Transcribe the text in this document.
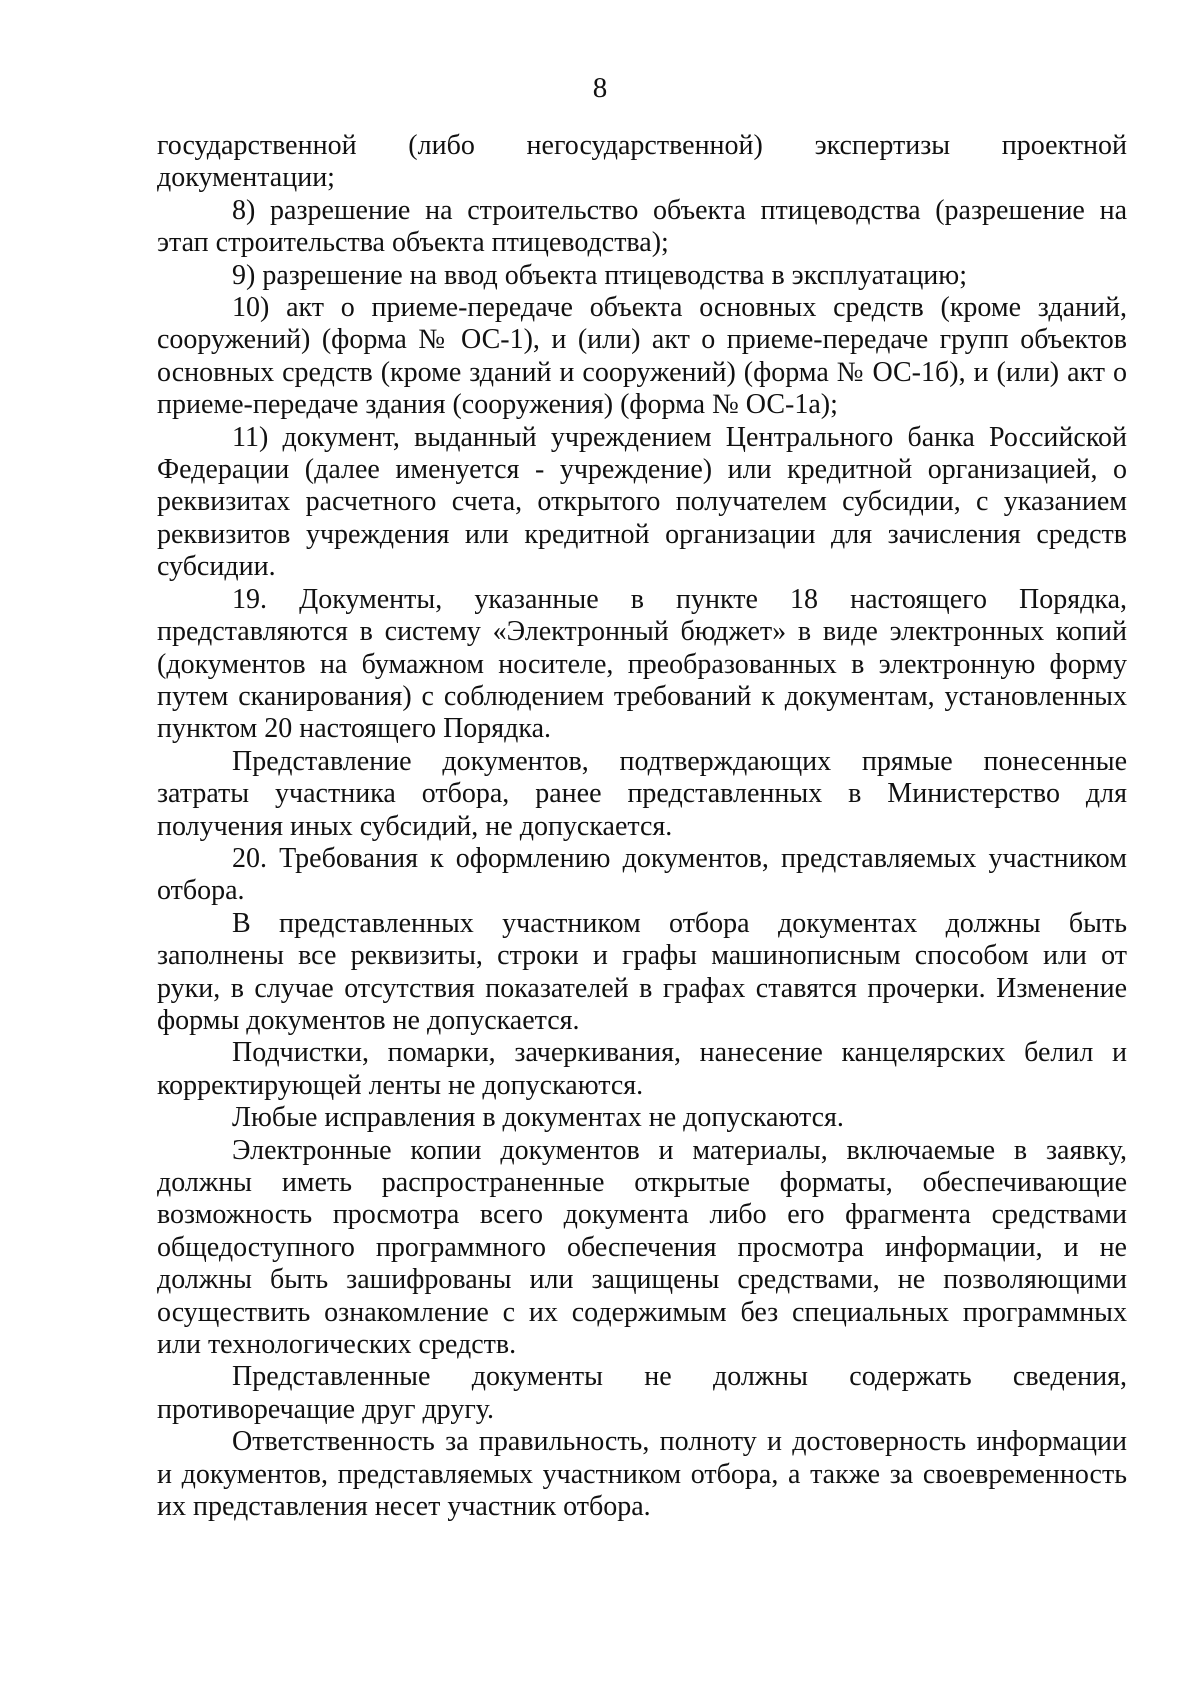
8

государственной (либо негосударственной) экспертизы проектной документации;

8) разрешение на строительство объекта птицеводства (разрешение на этап строительства объекта птицеводства);

9) разрешение на ввод объекта птицеводства в эксплуатацию;

10) акт о приеме-передаче объекта основных средств (кроме зданий, сооружений) (форма № ОС-1), и (или) акт о приеме-передаче групп объектов основных средств (кроме зданий и сооружений) (форма № ОС-1б), и (или) акт о приеме-передаче здания (сооружения) (форма № ОС-1а);

11) документ, выданный учреждением Центрального банка Российской Федерации (далее именуется - учреждение) или кредитной организацией, о реквизитах расчетного счета, открытого получателем субсидии, с указанием реквизитов учреждения или кредитной организации для зачисления средств субсидии.

19. Документы, указанные в пункте 18 настоящего Порядка, представляются в систему «Электронный бюджет» в виде электронных копий (документов на бумажном носителе, преобразованных в электронную форму путем сканирования) с соблюдением требований к документам, установленных пунктом 20 настоящего Порядка.

Представление документов, подтверждающих прямые понесенные затраты участника отбора, ранее представленных в Министерство для получения иных субсидий, не допускается.

20. Требования к оформлению документов, представляемых участником отбора.

В представленных участником отбора документах должны быть заполнены все реквизиты, строки и графы машинописным способом или от руки, в случае отсутствия показателей в графах ставятся прочерки. Изменение формы документов не допускается.

Подчистки, помарки, зачеркивания, нанесение канцелярских белил и корректирующей ленты не допускаются.

Любые исправления в документах не допускаются.

Электронные копии документов и материалы, включаемые в заявку, должны иметь распространенные открытые форматы, обеспечивающие возможность просмотра всего документа либо его фрагмента средствами общедоступного программного обеспечения просмотра информации, и не должны быть зашифрованы или защищены средствами, не позволяющими осуществить ознакомление с их содержимым без специальных программных или технологических средств.

Представленные документы не должны содержать сведения, противоречащие друг другу.

Ответственность за правильность, полноту и достоверность информации и документов, представляемых участником отбора, а также за своевременность их представления несет участник отбора.
